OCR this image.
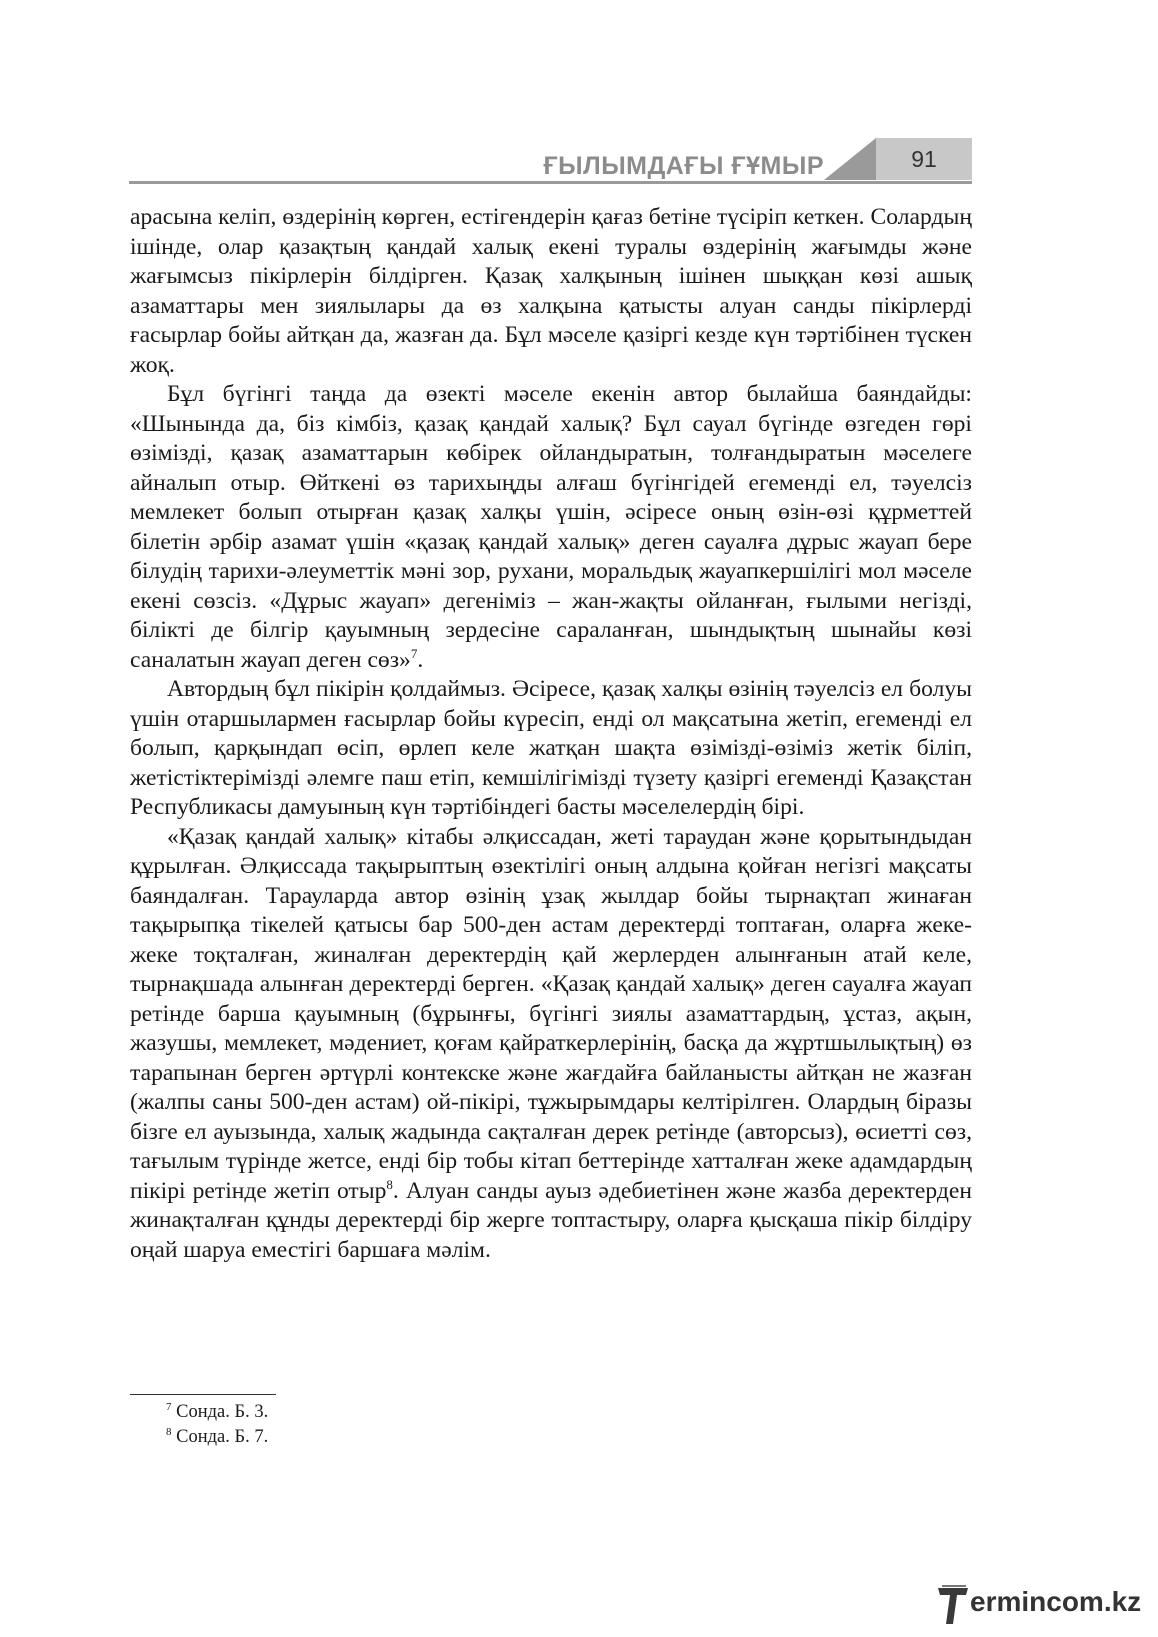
ҒЫЛЫМДАҒЫ ҒҰМЫР	91

арасына келіп, өздерінің көрген, естігендерін қағаз бетіне түсіріп кеткен. Солардың ішінде, олар қазақтың қандай халық екені туралы өздерінің жағымды және жағымсыз пікірлерін білдірген. Қазақ халқының ішінен шыққан көзі ашық азаматтары мен зиялылары да өз халқына қатысты алуан санды пікірлерді ғасырлар бойы айтқан да, жазған да. Бұл мәселе қазіргі кезде күн тәртібінен түскен жоқ.

Бұл бүгінгі таңда да өзекті мәселе екенін автор былайша баяндайды: «Шынында да, біз кімбіз, қазақ қандай халық? Бұл сауал бүгінде өзгеден гөрі өзімізді, қазақ азаматтарын көбірек ойландыратын, толғандыратын мәселеге айналып отыр. Өйткені өз тарихыңды алғаш бүгінгідей егеменді ел, тәуелсіз мемлекет болып отырған қазақ халқы үшін, әсіресе оның өзін-өзі құрметтей білетін әрбір азамат үшін «қазақ қандай халық» деген сауалға дұрыс жауап бере білудің тарихи-әлеуметтік мәні зор, рухани, моральдық жауапкершілігі мол мәселе екені сөзсіз. «Дұрыс жауап» дегеніміз – жан-жақты ойланған, ғылыми негізді, білікті де білгір қауымның зердесіне сараланған, шындықтың шынайы көзі саналатын жауап деген сөз»$^7$.

Автордың бұл пікірін қолдаймыз. Әсіресе, қазақ халқы өзінің тәуелсіз ел болуы үшін отаршылармен ғасырлар бойы күресіп, енді ол мақсатына жетіп, егеменді ел болып, қарқындап өсіп, өрлеп келе жатқан шақта өзімізді-өзіміз жетік біліп, жетістіктерімізді әлемге паш етіп, кемшілігімізді түзету қазіргі егеменді Қазақстан Республикасы дамуының күн тәртібіндегі басты мәселелердің бірі.

«Қазақ қандай халық» кітабы әлқиссадан, жеті тараудан және қорытындыдан құрылған. Әлқиссада тақырыптың өзектілігі оның алдына қойған негізгі мақсаты баяндалған. Тарауларда автор өзінің ұзақ жылдар бойы тырнақтап жинаған тақырыпқа тікелей қатысы бар 500-ден астам деректерді топтаған, оларға жеке-жеке тоқталған, жиналған деректердің қай жерлерден алынғанын атай келе, тырнақшада алынған деректерді берген. «Қазақ қандай халық» деген сауалға жауап ретінде барша қауымның (бұрынғы, бүгінгі зиялы азаматтардың, ұстаз, ақын, жазушы, мемлекет, мәдениет, қоғам қайраткерлерінің, басқа да жұртшылықтың) өз тарапынан берген әртүрлі контекске және жағдайға байланысты айтқан не жазған (жалпы саны 500-ден астам) ой-пікірі, тұжырымдары келтірілген. Олардың біразы бізге ел ауызында, халық жадында сақталған дерек ретінде (авторсыз), өсиетті сөз, тағылым түрінде жетсе, енді бір тобы кітап беттерінде хатталған жеке адамдардың пікірі ретінде жетіп отыр$^8$. Алуан санды ауыз әдебиетінен және жазба деректерден жинақталған құнды деректерді бір жерге топтастыру, оларға қысқаша пікір білдіру оңай шаруа еместігі баршаға мәлім.

$^7$ Сонда. Б. 3.
$^8$ Сонда. Б. 7.
ermincom.kz
